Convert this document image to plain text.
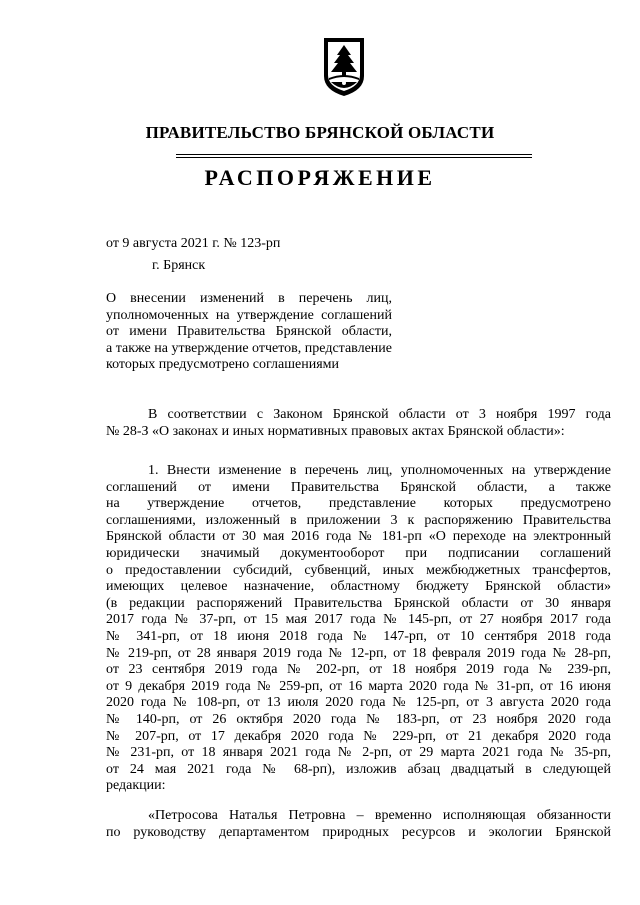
ПРАВИТЕЛЬСТВО БРЯНСКОЙ ОБЛАСТИ
РАСПОРЯЖЕНИЕ
от 9 августа 2021 г. № 123-рп
г. Брянск
О внесении изменений в перечень лиц,
уполномоченных на утверждение соглашений
от имени Правительства Брянской области,
а также на утверждение отчетов, представление
которых предусмотрено соглашениями
В соответствии с Законом Брянской области от 3 ноября 1997 года
№ 28-З «О законах и иных нормативных правовых актах Брянской области»:
1. Внести изменение в перечень лиц, уполномоченных на утверждение
соглашений от имени Правительства Брянской области, а также
на утверждение отчетов, представление которых предусмотрено
соглашениями, изложенный в приложении 3 к распоряжению Правительства
Брянской области от 30 мая 2016 года № 181-рп «О переходе на электронный
юридически значимый документооборот при подписании соглашений
о предоставлении субсидий, субвенций, иных межбюджетных трансфертов,
имеющих целевое назначение, областному бюджету Брянской области»
(в редакции распоряжений Правительства Брянской области от 30 января
2017 года № 37-рп, от 15 мая 2017 года № 145-рп, от 27 ноября 2017 года
№ 341-рп, от 18 июня 2018 года № 147-рп, от 10 сентября 2018 года
№ 219-рп, от 28 января 2019 года № 12-рп, от 18 февраля 2019 года № 28-рп,
от 23 сентября 2019 года № 202-рп, от 18 ноября 2019 года № 239-рп,
от 9 декабря 2019 года № 259-рп, от 16 марта 2020 года № 31-рп, от 16 июня
2020 года № 108-рп, от 13 июля 2020 года № 125-рп, от 3 августа 2020 года
№ 140-рп, от 26 октября 2020 года № 183-рп, от 23 ноября 2020 года
№ 207-рп, от 17 декабря 2020 года № 229-рп, от 21 декабря 2020 года
№ 231-рп, от 18 января 2021 года № 2-рп, от 29 марта 2021 года № 35-рп,
от 24 мая 2021 года № 68-рп), изложив абзац двадцатый в следующей
редакции:
«Петросова Наталья Петровна – временно исполняющая обязанности
по руководству департаментом природных ресурсов и экологии Брянской
